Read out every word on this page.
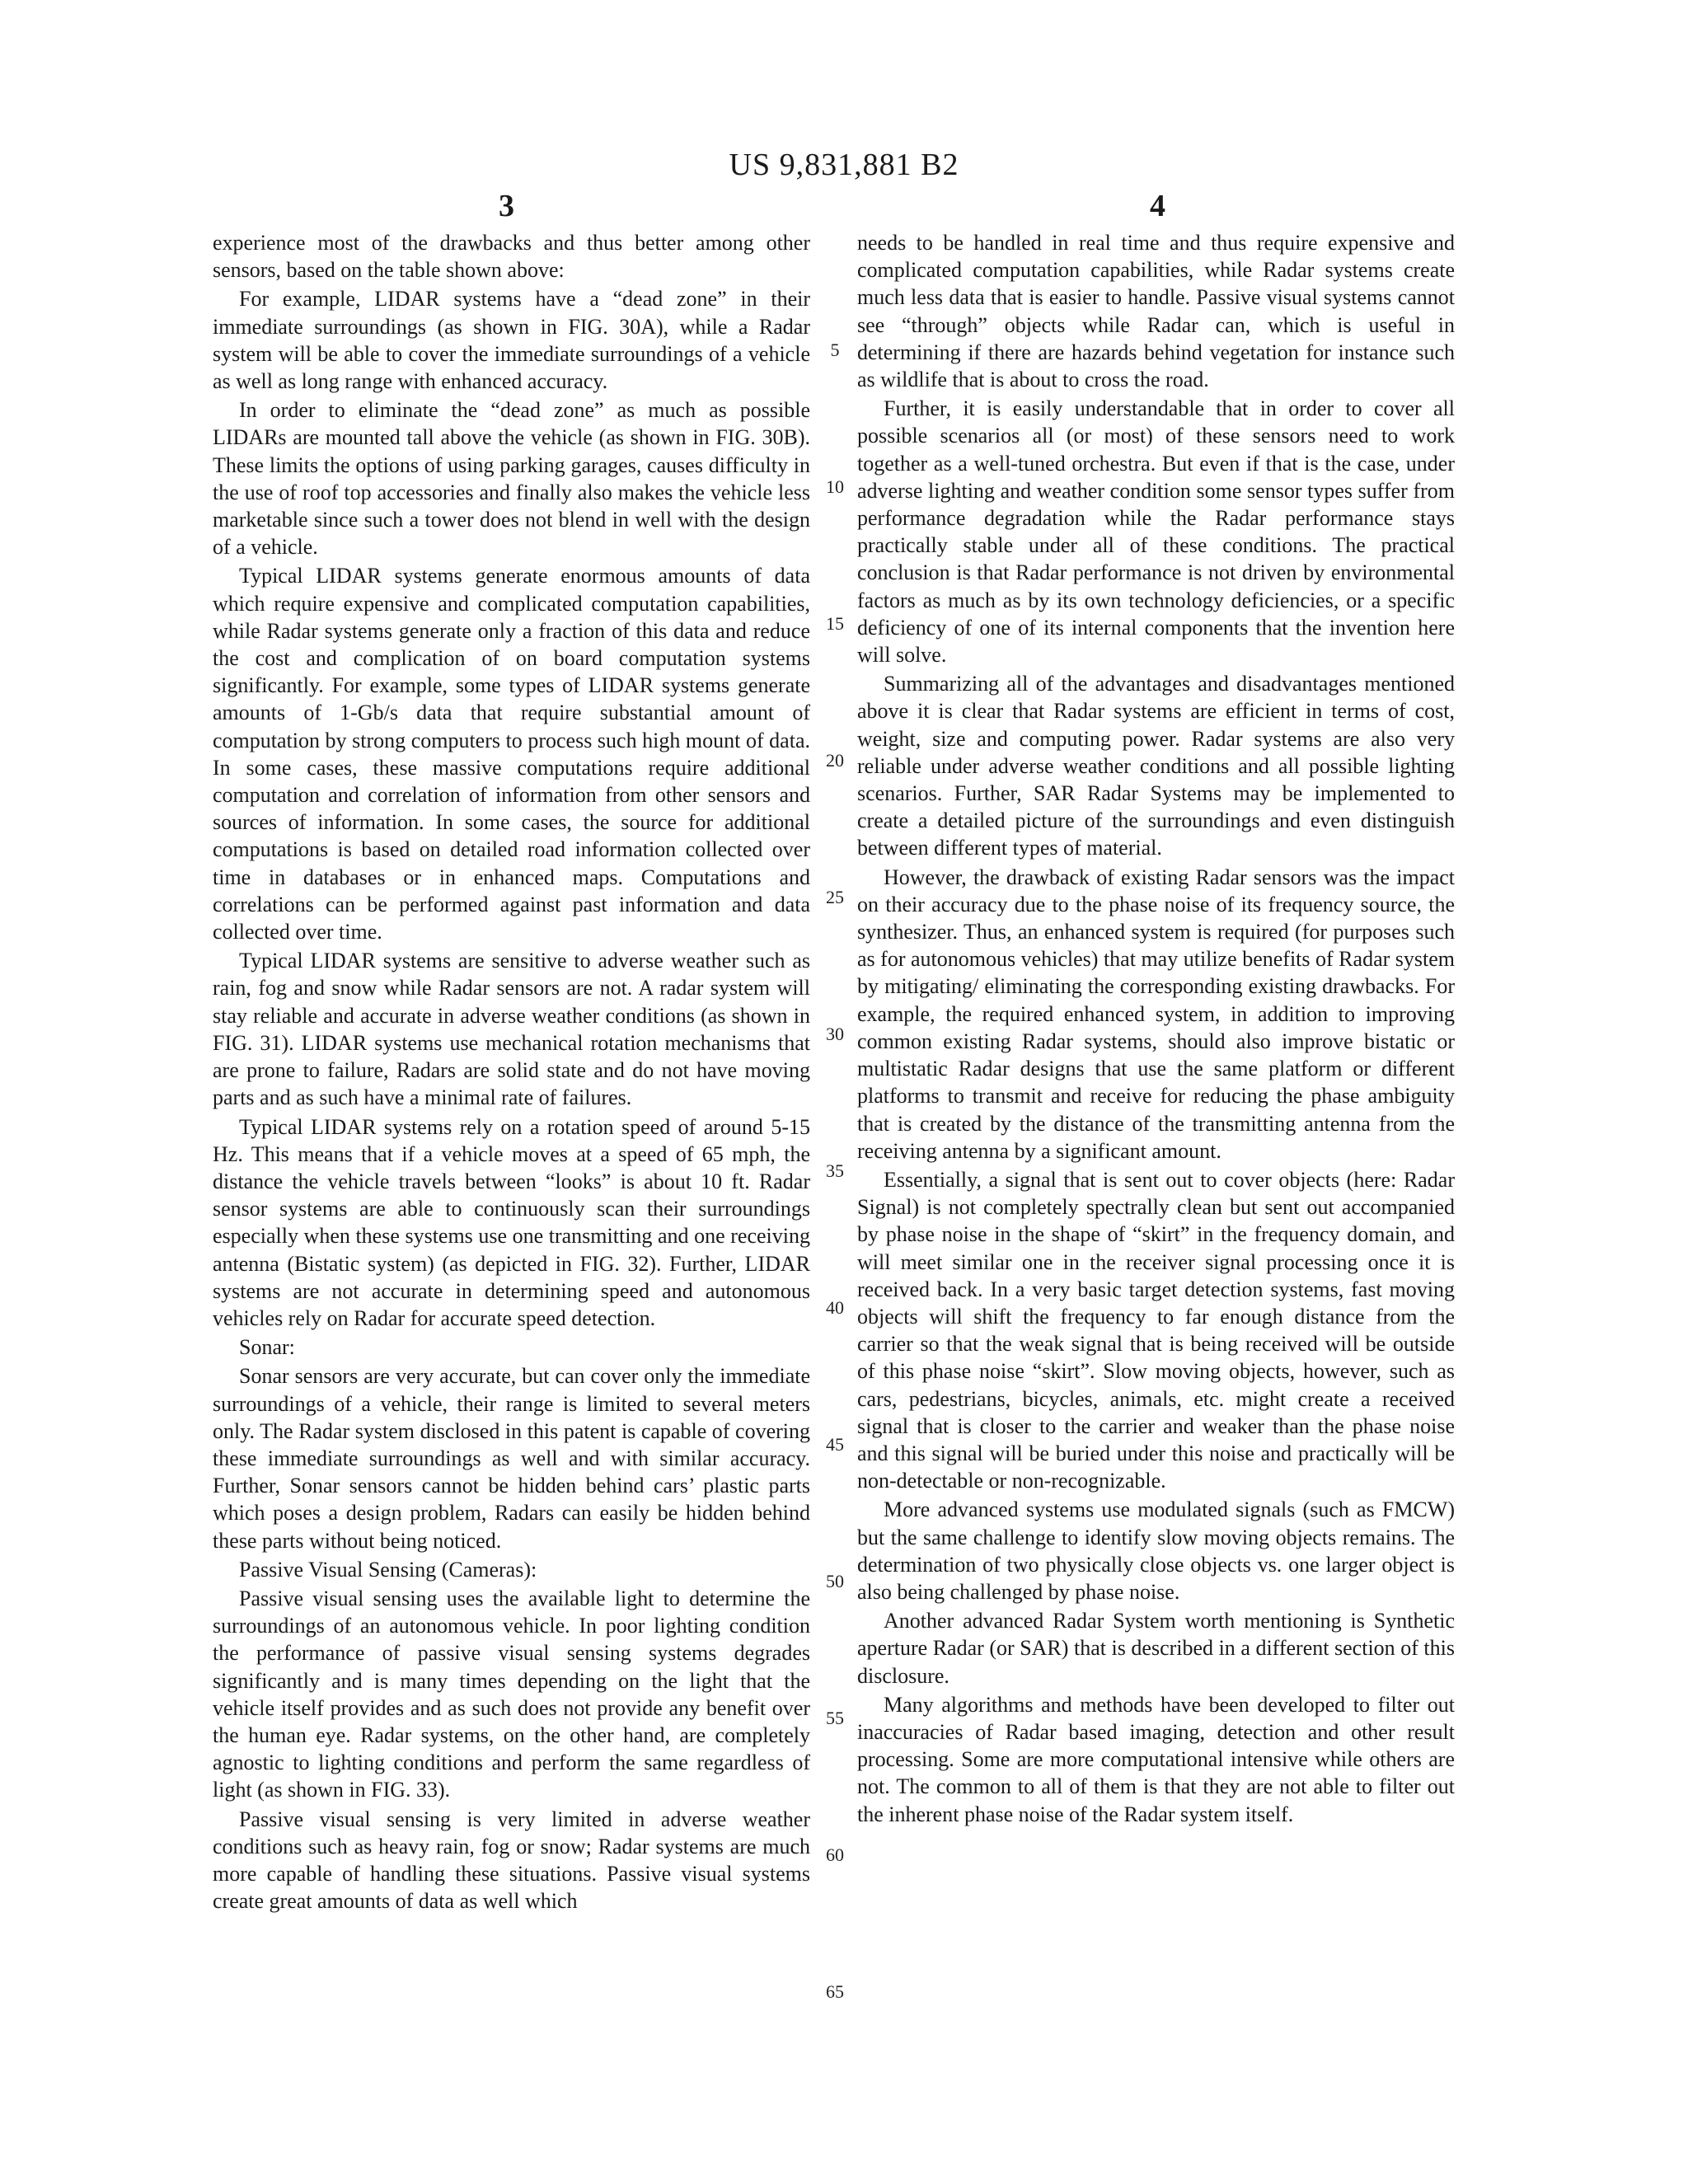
US 9,831,881 B2
3	4

experience most of the drawbacks and thus better among other sensors, based on the table shown above:

For example, LIDAR systems have a “dead zone” in their immediate surroundings (as shown in FIG. 30A), while a Radar system will be able to cover the immediate surroundings of a vehicle as well as long range with enhanced accuracy.

In order to eliminate the “dead zone” as much as possible LIDARs are mounted tall above the vehicle (as shown in FIG. 30B). These limits the options of using parking garages, causes difficulty in the use of roof top accessories and finally also makes the vehicle less marketable since such a tower does not blend in well with the design of a vehicle.

Typical LIDAR systems generate enormous amounts of data which require expensive and complicated computation capabilities, while Radar systems generate only a fraction of this data and reduce the cost and complication of on board computation systems significantly. For example, some types of LIDAR systems generate amounts of 1-Gb/s data that require substantial amount of computation by strong computers to process such high mount of data. In some cases, these massive computations require additional computation and correlation of information from other sensors and sources of information. In some cases, the source for additional computations is based on detailed road information collected over time in databases or in enhanced maps. Computations and correlations can be performed against past information and data collected over time.

Typical LIDAR systems are sensitive to adverse weather such as rain, fog and snow while Radar sensors are not. A radar system will stay reliable and accurate in adverse weather conditions (as shown in FIG. 31). LIDAR systems use mechanical rotation mechanisms that are prone to failure, Radars are solid state and do not have moving parts and as such have a minimal rate of failures.

Typical LIDAR systems rely on a rotation speed of around 5-15 Hz. This means that if a vehicle moves at a speed of 65 mph, the distance the vehicle travels between “looks” is about 10 ft. Radar sensor systems are able to continuously scan their surroundings especially when these systems use one transmitting and one receiving antenna (Bistatic system) (as depicted in FIG. 32). Further, LIDAR systems are not accurate in determining speed and autonomous vehicles rely on Radar for accurate speed detection.

Sonar:

Sonar sensors are very accurate, but can cover only the immediate surroundings of a vehicle, their range is limited to several meters only. The Radar system disclosed in this patent is capable of covering these immediate surroundings as well and with similar accuracy. Further, Sonar sensors cannot be hidden behind cars’ plastic parts which poses a design problem, Radars can easily be hidden behind these parts without being noticed.

Passive Visual Sensing (Cameras):

Passive visual sensing uses the available light to determine the surroundings of an autonomous vehicle. In poor lighting condition the performance of passive visual sensing systems degrades significantly and is many times depending on the light that the vehicle itself provides and as such does not provide any benefit over the human eye. Radar systems, on the other hand, are completely agnostic to lighting conditions and perform the same regardless of light (as shown in FIG. 33).

Passive visual sensing is very limited in adverse weather conditions such as heavy rain, fog or snow; Radar systems are much more capable of handling these situations. Passive visual systems create great amounts of data as well which

5
10
15
20
25
30
35
40
45
50
55
60
65

needs to be handled in real time and thus require expensive and complicated computation capabilities, while Radar systems create much less data that is easier to handle. Passive visual systems cannot see “through” objects while Radar can, which is useful in determining if there are hazards behind vegetation for instance such as wildlife that is about to cross the road.

Further, it is easily understandable that in order to cover all possible scenarios all (or most) of these sensors need to work together as a well-tuned orchestra. But even if that is the case, under adverse lighting and weather condition some sensor types suffer from performance degradation while the Radar performance stays practically stable under all of these conditions. The practical conclusion is that Radar performance is not driven by environmental factors as much as by its own technology deficiencies, or a specific deficiency of one of its internal components that the invention here will solve.

Summarizing all of the advantages and disadvantages mentioned above it is clear that Radar systems are efficient in terms of cost, weight, size and computing power. Radar systems are also very reliable under adverse weather conditions and all possible lighting scenarios. Further, SAR Radar Systems may be implemented to create a detailed picture of the surroundings and even distinguish between different types of material.

However, the drawback of existing Radar sensors was the impact on their accuracy due to the phase noise of its frequency source, the synthesizer. Thus, an enhanced system is required (for purposes such as for autonomous vehicles) that may utilize benefits of Radar system by mitigating/ eliminating the corresponding existing drawbacks. For example, the required enhanced system, in addition to improving common existing Radar systems, should also improve bistatic or multistatic Radar designs that use the same platform or different platforms to transmit and receive for reducing the phase ambiguity that is created by the distance of the transmitting antenna from the receiving antenna by a significant amount.

Essentially, a signal that is sent out to cover objects (here: Radar Signal) is not completely spectrally clean but sent out accompanied by phase noise in the shape of “skirt” in the frequency domain, and will meet similar one in the receiver signal processing once it is received back. In a very basic target detection systems, fast moving objects will shift the frequency to far enough distance from the carrier so that the weak signal that is being received will be outside of this phase noise “skirt”. Slow moving objects, however, such as cars, pedestrians, bicycles, animals, etc. might create a received signal that is closer to the carrier and weaker than the phase noise and this signal will be buried under this noise and practically will be non-detectable or non-recognizable.

More advanced systems use modulated signals (such as FMCW) but the same challenge to identify slow moving objects remains. The determination of two physically close objects vs. one larger object is also being challenged by phase noise.

Another advanced Radar System worth mentioning is Synthetic aperture Radar (or SAR) that is described in a different section of this disclosure.

Many algorithms and methods have been developed to filter out inaccuracies of Radar based imaging, detection and other result processing. Some are more computational intensive while others are not. The common to all of them is that they are not able to filter out the inherent phase noise of the Radar system itself.
